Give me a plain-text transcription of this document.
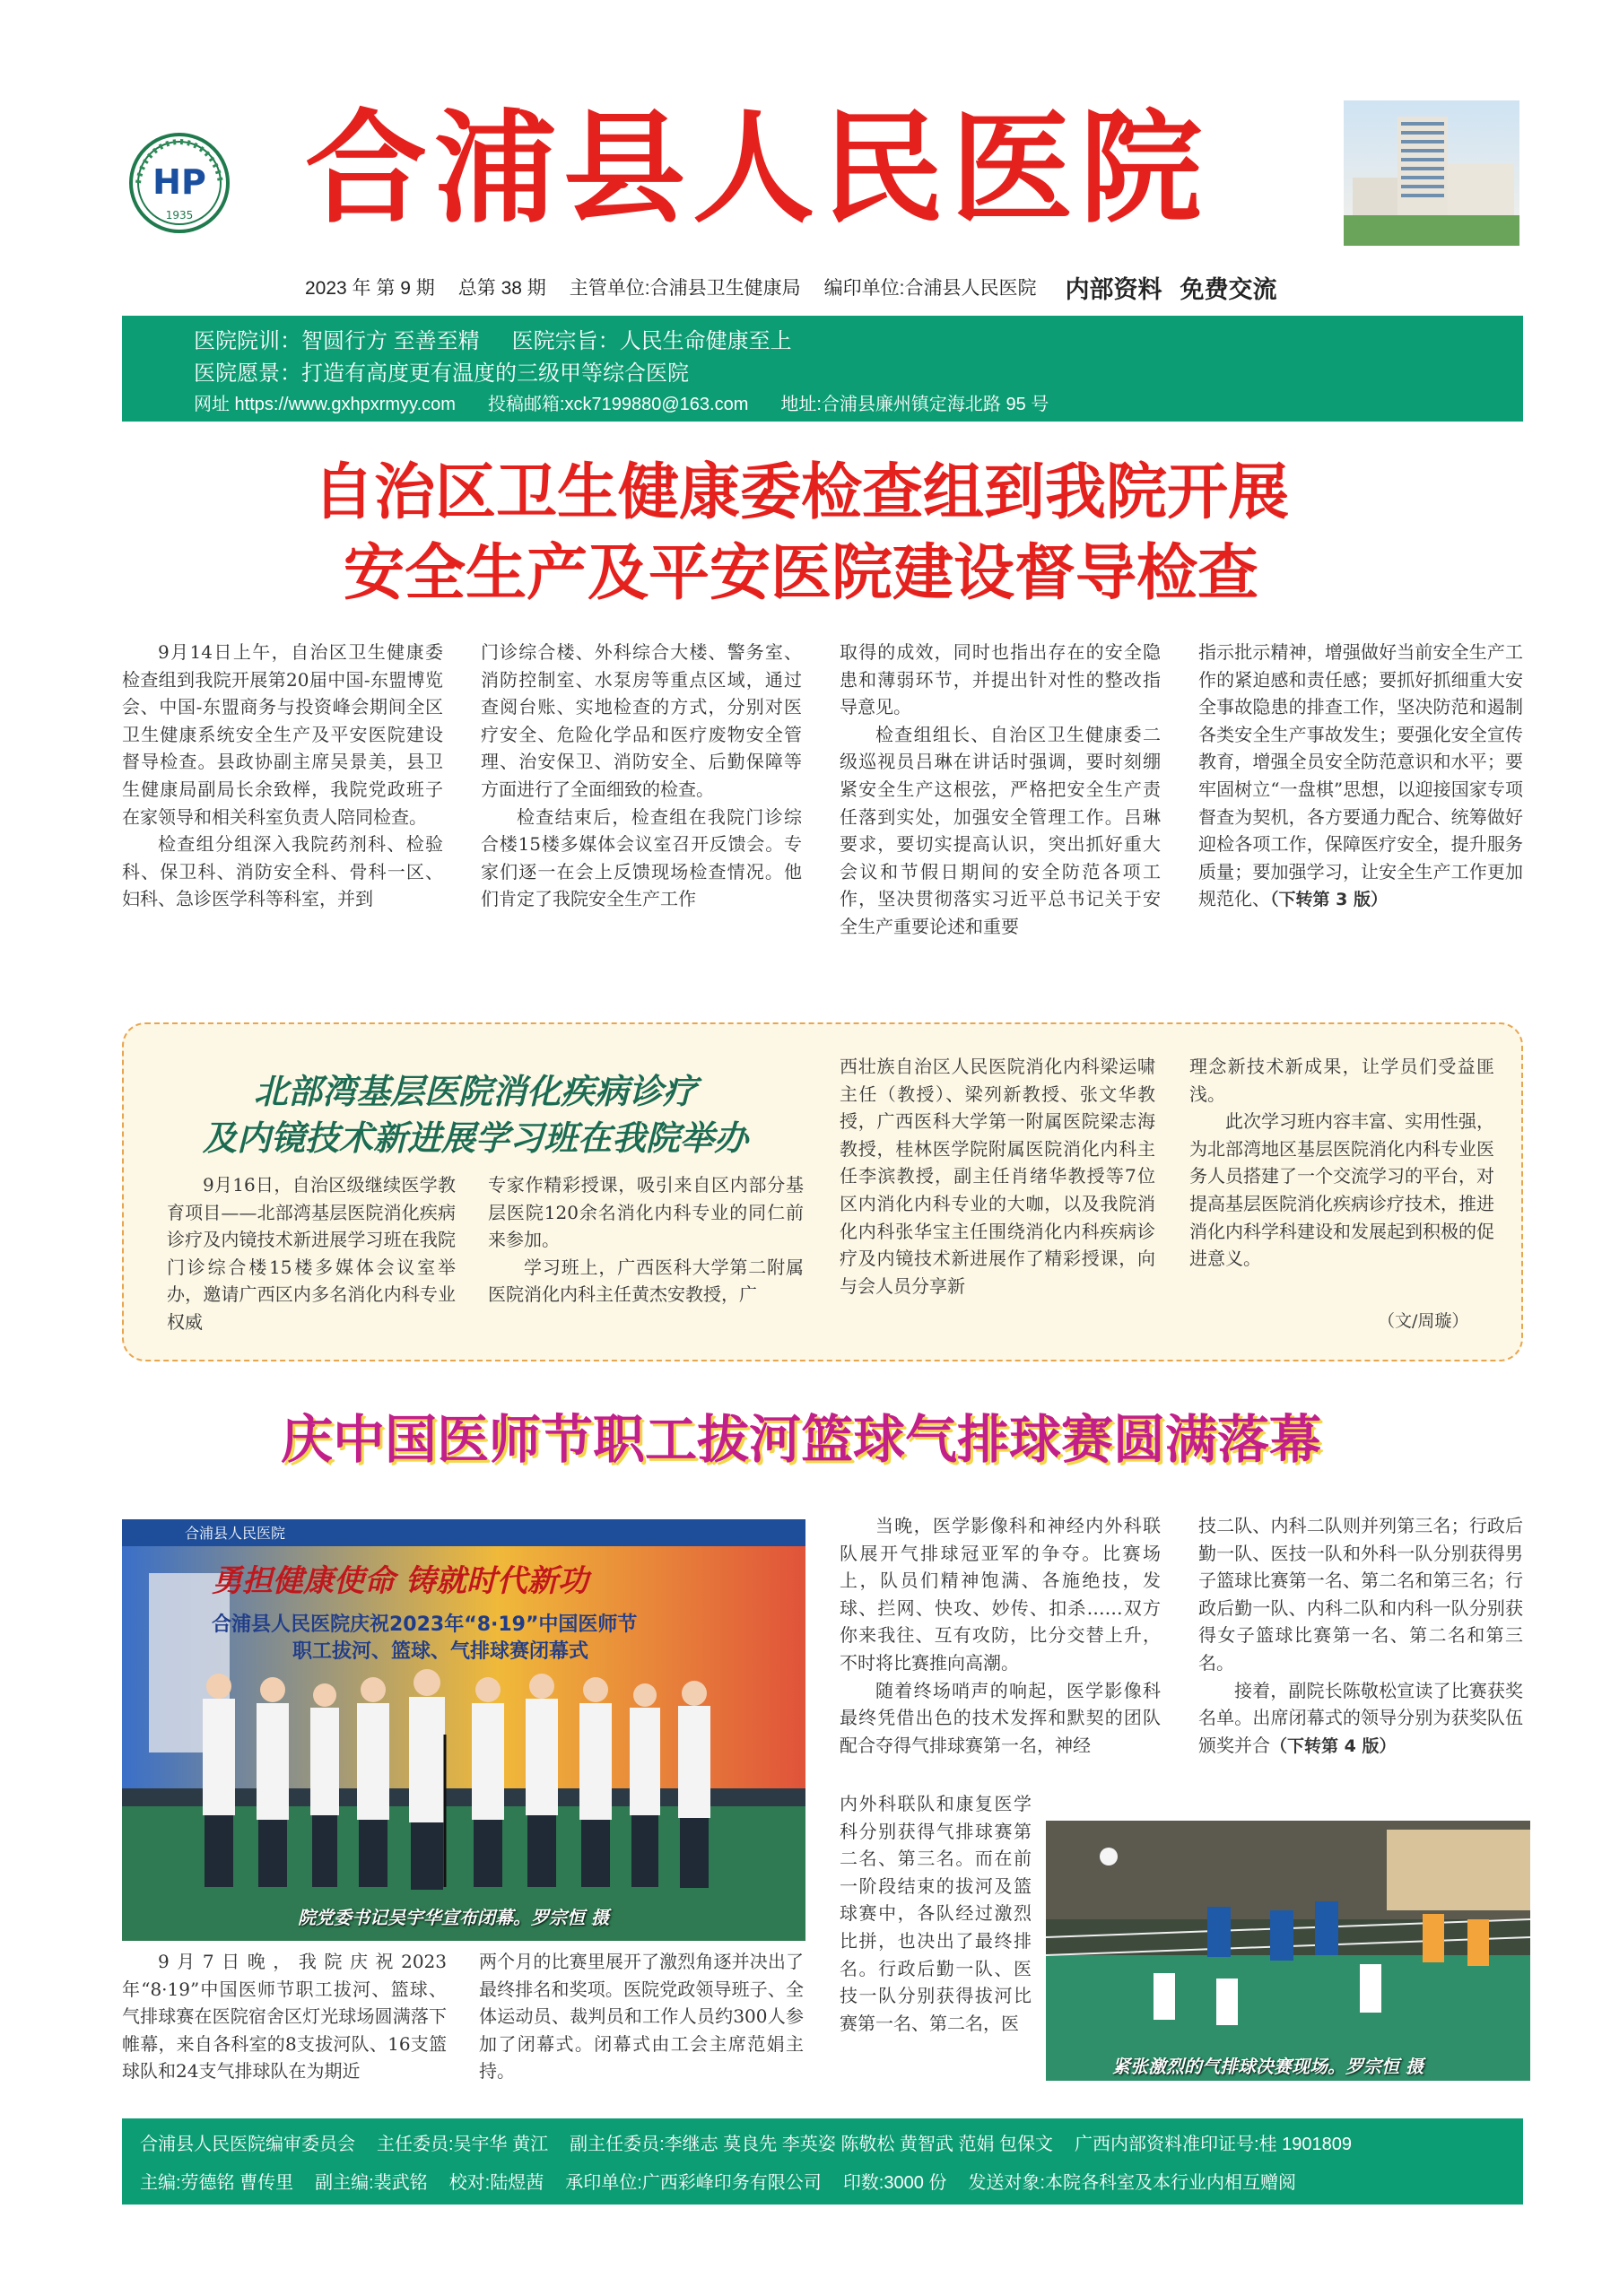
HP
1935 合浦县人民医院
2023 年 第 9 期 总第 38 期 主管单位:合浦县卫生健康局 编印单位:合浦县人民医院 内部资料 免费交流
医院院训：智圆行方 至善至精 医院宗旨：人民生命健康至上
医院愿景：打造有高度更有温度的三级甲等综合医院
网址 https://www.gxhpxrmyy.com 投稿邮箱:xck7199880@163.com 地址:合浦县廉州镇定海北路 95 号
自治区卫生健康委检查组到我院开展
安全生产及平安医院建设督导检查

9月14日上午，自治区卫生健康委检查组到我院开展第20届中国-东盟博览会、中国-东盟商务与投资峰会期间全区卫生健康系统安全生产及平安医院建设督导检查。县政协副主席吴景美，县卫生健康局副局长余致榉，我院党政班子在家领导和相关科室负责人陪同检查。

检查组分组深入我院药剂科、检验科、保卫科、消防安全科、骨科一区、妇科、急诊医学科等科室，并到

门诊综合楼、外科综合大楼、警务室、消防控制室、水泵房等重点区域，通过查阅台账、实地检查的方式，分别对医疗安全、危险化学品和医疗废物安全管理、治安保卫、消防安全、后勤保障等方面进行了全面细致的检查。

检查结束后，检查组在我院门诊综合楼15楼多媒体会议室召开反馈会。专家们逐一在会上反馈现场检查情况。他们肯定了我院安全生产工作

取得的成效，同时也指出存在的安全隐患和薄弱环节，并提出针对性的整改指导意见。

检查组组长、自治区卫生健康委二级巡视员吕琳在讲话时强调，要时刻绷紧安全生产这根弦，严格把安全生产责任落到实处，加强安全管理工作。吕琳要求，要切实提高认识，突出抓好重大会议和节假日期间的安全防范各项工作，坚决贯彻落实习近平总书记关于安全生产重要论述和重要

指示批示精神，增强做好当前安全生产工作的紧迫感和责任感；要抓好抓细重大安全事故隐患的排查工作，坚决防范和遏制各类安全生产事故发生；要强化安全宣传教育，增强全员安全防范意识和水平；要牢固树立“一盘棋”思想，以迎接国家专项督查为契机，各方要通力配合、统筹做好迎检各项工作，保障医疗安全，提升服务质量；要加强学习，让安全生产工作更加规范化、（下转第 3 版）
北部湾基层医院消化疾病诊疗
及内镜技术新进展学习班在我院举办

9月16日，自治区级继续医学教育项目——北部湾基层医院消化疾病诊疗及内镜技术新进展学习班在我院门诊综合楼15楼多媒体会议室举办，邀请广西区内多名消化内科专业权威

专家作精彩授课，吸引来自区内部分基层医院120余名消化内科专业的同仁前来参加。

学习班上，广西医科大学第二附属医院消化内科主任黄杰安教授，广

西壮族自治区人民医院消化内科梁运啸主任（教授）、梁列新教授、张文华教授，广西医科大学第一附属医院梁志海教授，桂林医学院附属医院消化内科主任李滨教授，副主任肖绪华教授等7位区内消化内科专业的大咖，以及我院消化内科张华宝主任围绕消化内科疾病诊疗及内镜技术新进展作了精彩授课，向与会人员分享新
理念新技术新成果，让学员们受益匪浅。

此次学习班内容丰富、实用性强，为北部湾地区基层医院消化内科专业医务人员搭建了一个交流学习的平台，对提高基层医院消化疾病诊疗技术，推进消化内科学科建设和发展起到积极的促进意义。

（文/周璇）
庆中国医师节职工拔河篮球气排球赛圆满落幕
合浦县人民医院
勇担健康使命 铸就时代新功
合浦县人民医院庆祝2023年“8·19”中国医师节
职工拔河、篮球、气排球赛闭幕式
院党委书记吴宇华宣布闭幕。罗宗恒 摄
紧张激烈的气排球决赛现场。罗宗恒 摄

9月7日晚，我院庆祝2023年“8·19”中国医师节职工拔河、篮球、气排球赛在医院宿舍区灯光球场圆满落下帷幕，来自各科室的8支拔河队、16支篮球队和24支气排球队在为期近

两个月的比赛里展开了激烈角逐并决出了最终排名和奖项。医院党政领导班子、全体运动员、裁判员和工作人员约300人参加了闭幕式。闭幕式由工会主席范娟主持。

当晚，医学影像科和神经内外科联队展开气排球冠亚军的争夺。比赛场上，队员们精神饱满、各施绝技，发球、拦网、快攻、妙传、扣杀……双方你来我往、互有攻防，比分交替上升，不时将比赛推向高潮。

随着终场哨声的响起，医学影像科最终凭借出色的技术发挥和默契的团队配合夺得气排球赛第一名，神经

内外科联队和康复医学科分别获得气排球赛第二名、第三名。而在前一阶段结束的拔河及篮球赛中，各队经过激烈比拼，也决出了最终排名。行政后勤一队、医技一队分别获得拔河比赛第一名、第二名，医
技二队、内科二队则并列第三名；行政后勤一队、医技一队和外科一队分别获得男子篮球比赛第一名、第二名和第三名；行政后勤一队、内科二队和内科一队分别获得女子篮球比赛第一名、第二名和第三名。

接着，副院长陈敬松宣读了比赛获奖名单。出席闭幕式的领导分别为获奖队伍颁奖并合（下转第 4 版）

合浦县人民医院编审委员会 主任委员:吴宇华 黄江 副主任委员:李继志 莫良先 李英姿 陈敬松 黄智武 范娟 包保文 广西内部资料准印证号:桂 1901809
主编:劳德铭 曹传里 副主编:裴武铭 校对:陆煜茜 承印单位:广西彩峰印务有限公司 印数:3000 份 发送对象:本院各科室及本行业内相互赠阅
